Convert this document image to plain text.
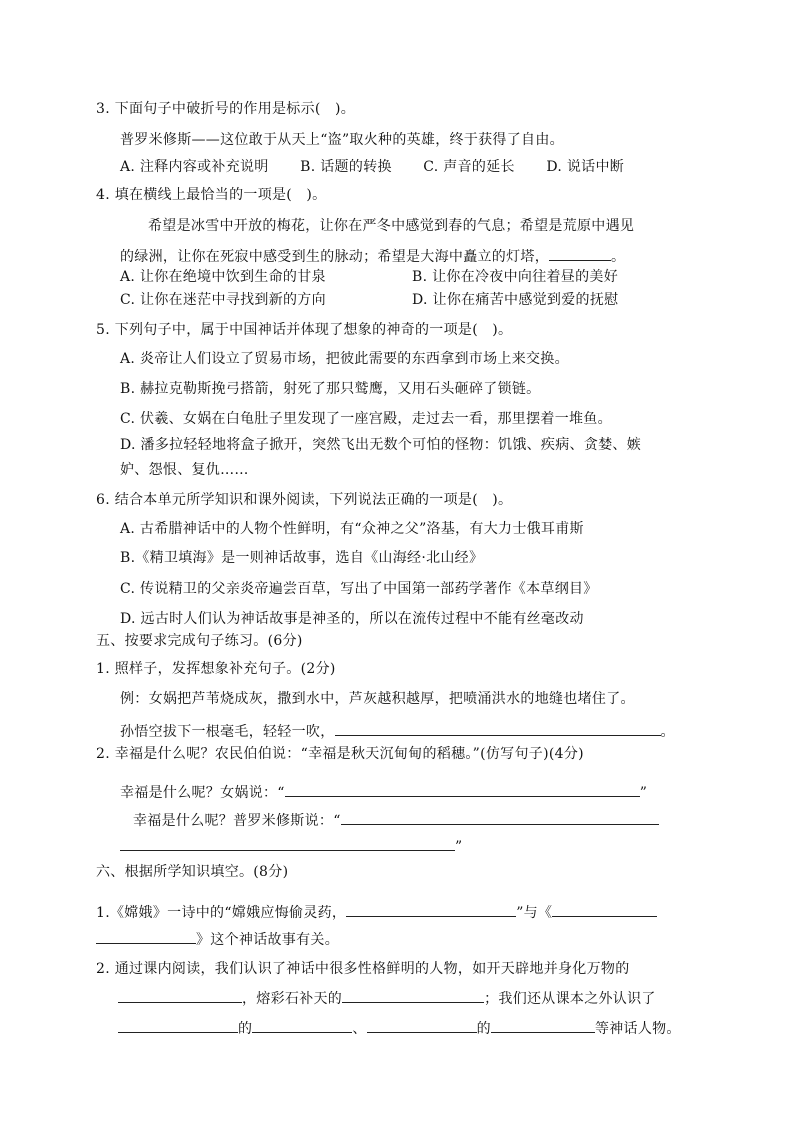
3. 下面句子中破折号的作用是标示(　)。
普罗米修斯——这位敢于从天上“盗”取火种的英雄，终于获得了自由。
A. 注释内容或补充说明 B. 话题的转换 C. 声音的延长 D. 说话中断
4. 填在横线上最恰当的一项是(　)。
希望是冰雪中开放的梅花，让你在严冬中感觉到春的气息；希望是荒原中遇见
的绿洲，让你在死寂中感受到生的脉动；希望是大海中矗立的灯塔，	。
A. 让你在绝境中饮到生命的甘泉	B. 让你在冷夜中向往着昼的美好
C. 让你在迷茫中寻找到新的方向	D. 让你在痛苦中感觉到爱的抚慰
5. 下列句子中，属于中国神话并体现了想象的神奇的一项是(　)。
A. 炎帝让人们设立了贸易市场，把彼此需要的东西拿到市场上来交换。
B. 赫拉克勒斯挽弓搭箭，射死了那只鹫鹰，又用石头砸碎了锁链。
C. 伏羲、女娲在白龟肚子里发现了一座宫殿，走过去一看，那里摆着一堆鱼。
D. 潘多拉轻轻地将盒子掀开，突然飞出无数个可怕的怪物：饥饿、疾病、贪婪、嫉
妒、怨恨、复仇……
6. 结合本单元所学知识和课外阅读，下列说法正确的一项是(　)。
A. 古希腊神话中的人物个性鲜明，有“众神之父”洛基，有大力士俄耳甫斯
B.《精卫填海》是一则神话故事，选自《山海经·北山经》
C. 传说精卫的父亲炎帝遍尝百草，写出了中国第一部药学著作《本草纲目》
D. 远古时人们认为神话故事是神圣的，所以在流传过程中不能有丝毫改动
五、按要求完成句子练习。(6分)
1. 照样子，发挥想象补充句子。(2分)
例：女娲把芦苇烧成灰，撒到水中，芦灰越积越厚，把喷涌洪水的地缝也堵住了。
孙悟空拔下一根毫毛，轻轻一吹，	。
2. 幸福是什么呢？农民伯伯说：“幸福是秋天沉甸甸的稻穗。”(仿写句子)(4分)
幸福是什么呢？女娲说：“	”
幸福是什么呢？普罗米修斯说：“
”
六、根据所学知识填空。(8分)
1.《嫦娥》一诗中的“嫦娥应悔偷灵药，	”与《
》这个神话故事有关。
2. 通过课内阅读，我们认识了神话中很多性格鲜明的人物，如开天辟地并身化万物的
，熔彩石补天的	；我们还从课本之外认识了
的	、	的	等神话人物。
